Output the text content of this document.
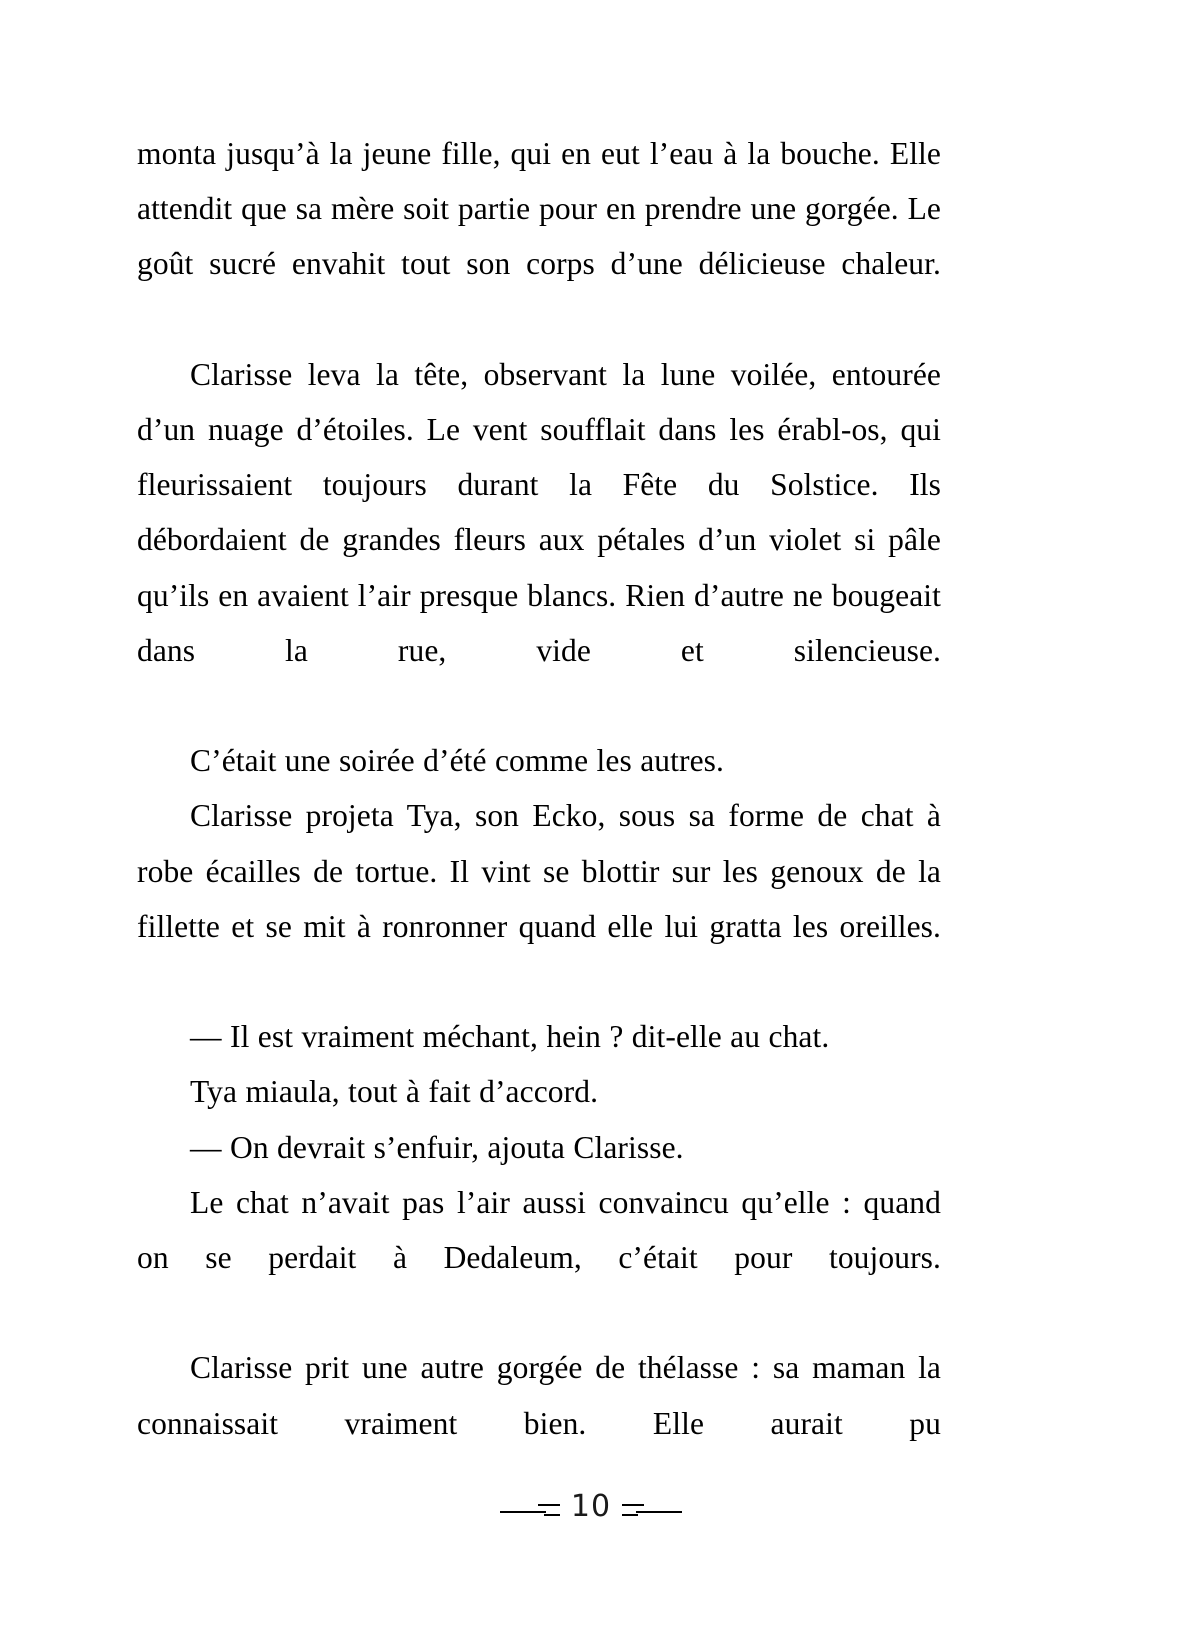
monta jusqu’à la jeune fille, qui en eut l’eau à la bouche. Elle attendit que sa mère soit partie pour en prendre une gorgée. Le goût sucré envahit tout son corps d’une délicieuse chaleur.

Clarisse leva la tête, observant la lune voilée, entourée d’un nuage d’étoiles. Le vent soufflait dans les érabl-os, qui fleurissaient toujours durant la Fête du Solstice. Ils débordaient de grandes fleurs aux pétales d’un violet si pâle qu’ils en avaient l’air presque blancs. Rien d’autre ne bougeait dans la rue, vide et silencieuse.

C’était une soirée d’été comme les autres.

Clarisse projeta Tya, son Ecko, sous sa forme de chat à robe écailles de tortue. Il vint se blottir sur les genoux de la fillette et se mit à ronronner quand elle lui gratta les oreilles.

— Il est vraiment méchant, hein ? dit-elle au chat.

Tya miaula, tout à fait d’accord.

— On devrait s’enfuir, ajouta Clarisse.

Le chat n’avait pas l’air aussi convaincu qu’elle : quand on se perdait à Dedaleum, c’était pour toujours.

Clarisse prit une autre gorgée de thélasse : sa maman la connaissait vraiment bien. Elle aurait pu

10
